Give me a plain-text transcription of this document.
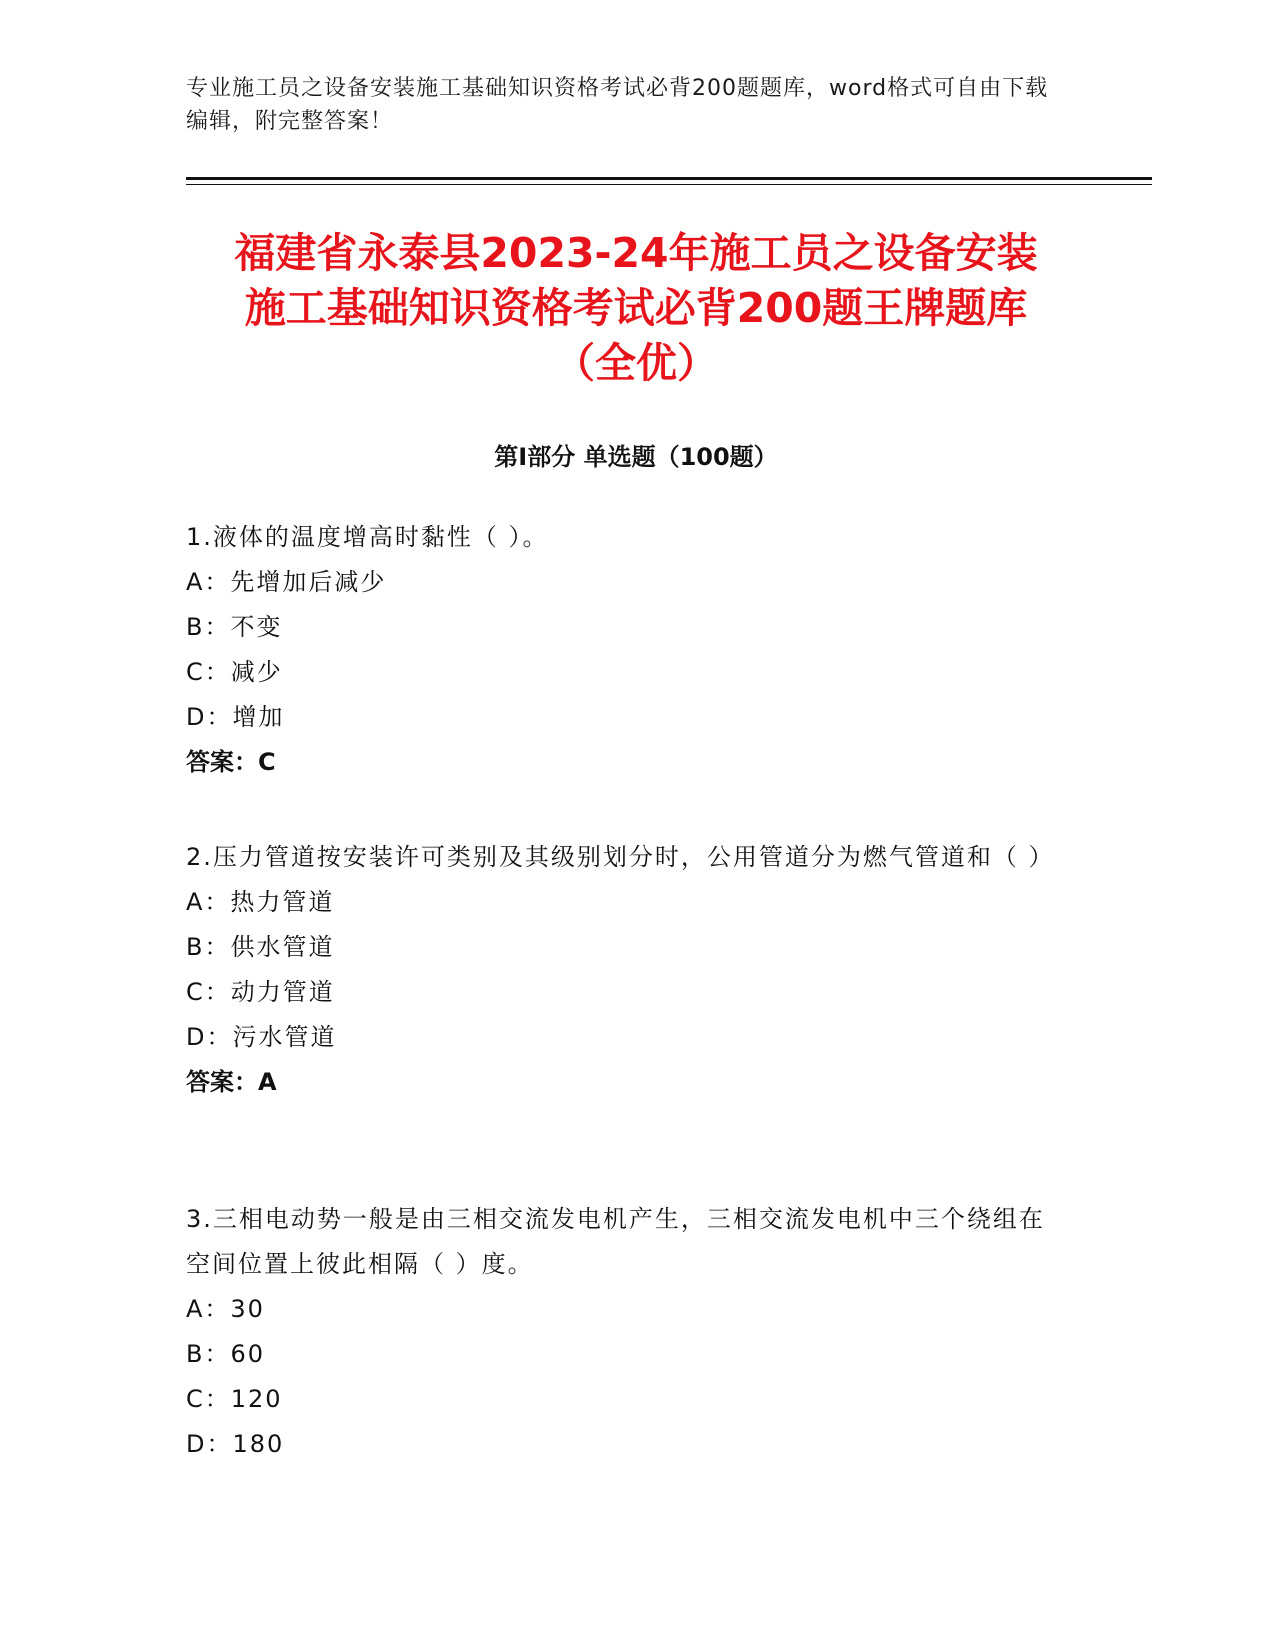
专业施工员之设备安装施工基础知识资格考试必背200题题库，word格式可自由下载编辑，附完整答案！
福建省永泰县2023-24年施工员之设备安装
施工基础知识资格考试必背200题王牌题库
（全优）
第Ⅰ部分 单选题（100题）
1.液体的温度增高时黏性（ ）。
A：先增加后减少
B：不变
C：减少
D：增加
答案：C
2.压力管道按安装许可类别及其级别划分时，公用管道分为燃气管道和（ ）
A：热力管道
B：供水管道
C：动力管道
D：污水管道
答案：A
3.三相电动势一般是由三相交流发电机产生，三相交流发电机中三个绕组在空间位置上彼此相隔（ ）度。
A：30
B：60
C：120
D：180
